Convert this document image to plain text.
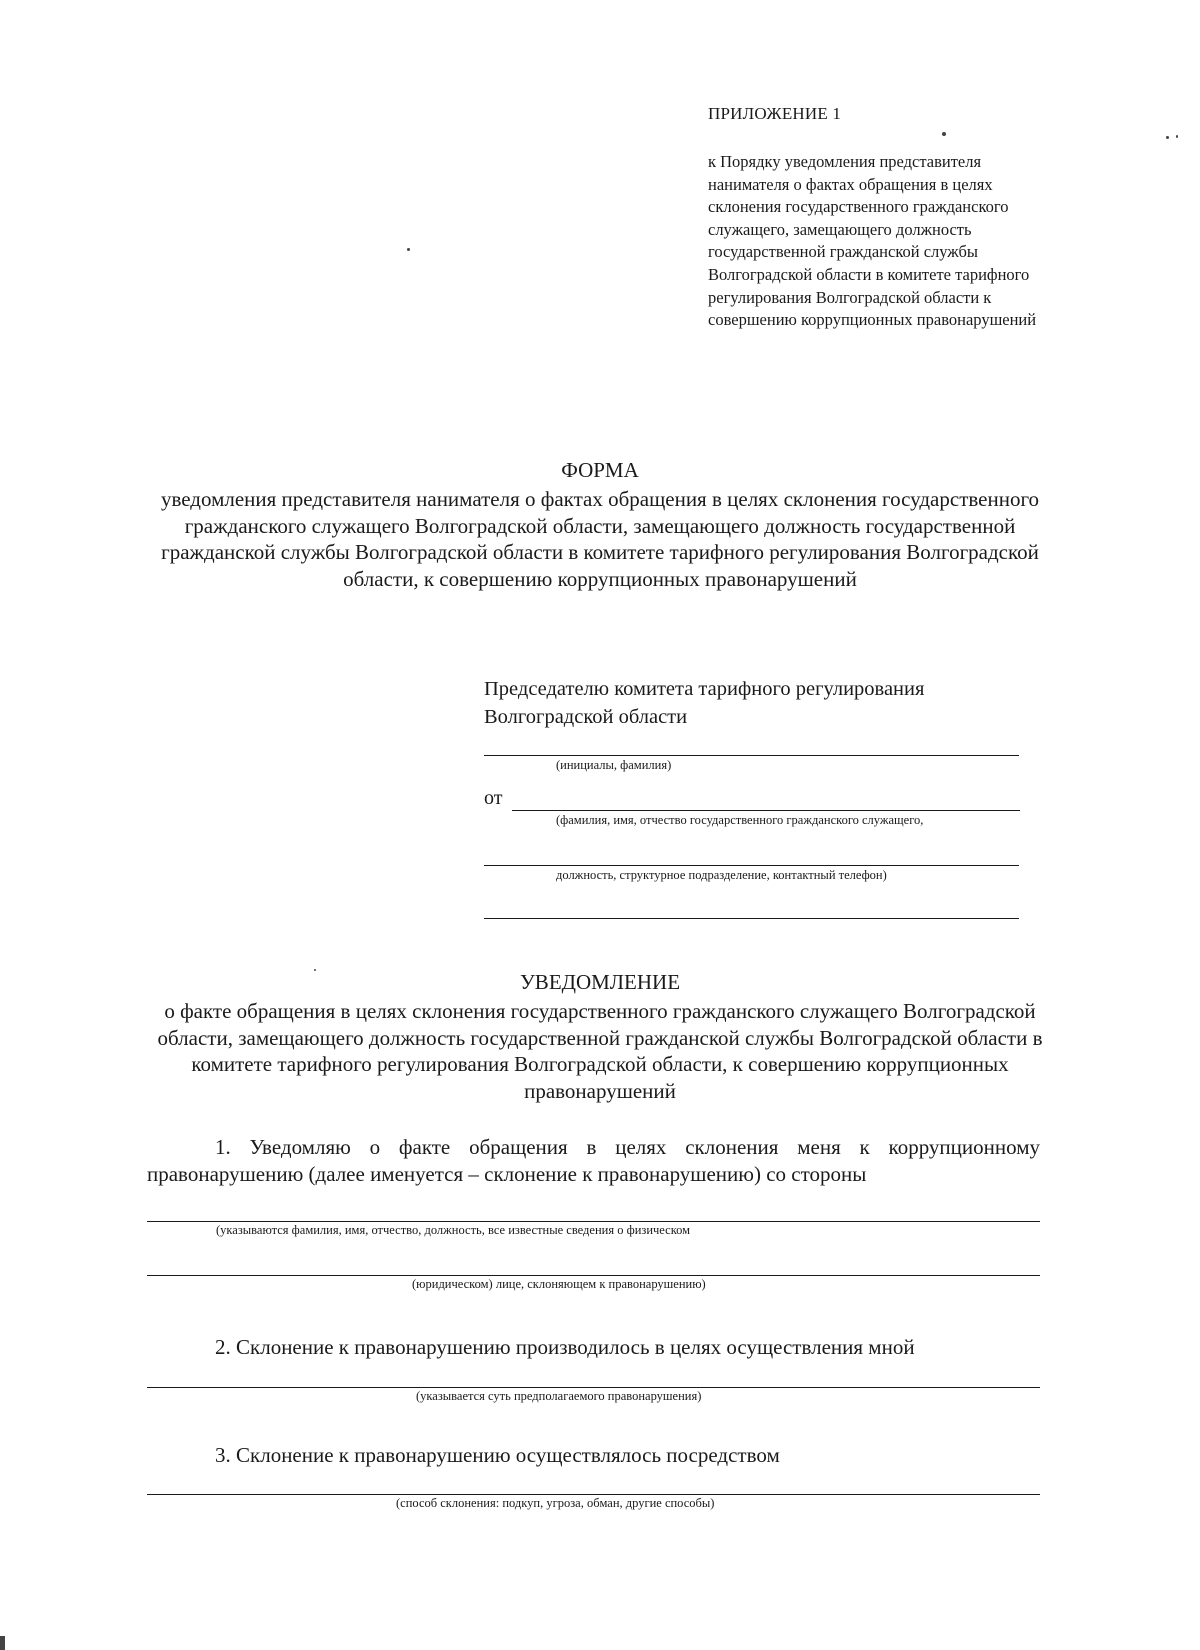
ПРИЛОЖЕНИЕ 1
к Порядку уведомления представителя нанимателя о фактах обращения в целях склонения государственного гражданского служащего, замещающего должность государственной гражданской службы Волгоградской области в комитете тарифного регулирования Волгоградской области к совершению коррупционных правонарушений
ФОРМА
уведомления представителя нанимателя о фактах обращения в целях склонения государственного гражданского служащего Волгоградской области, замещающего должность государственной гражданской службы Волгоградской области в комитете тарифного регулирования Волгоградской области, к совершению коррупционных правонарушений
Председателю комитета тарифного регулирования Волгоградской области
(инициалы, фамилия)
от
(фамилия, имя, отчество государственного гражданского служащего,
должность, структурное подразделение, контактный телефон)
УВЕДОМЛЕНИЕ
о факте обращения в целях склонения государственного гражданского служащего Волгоградской области, замещающего должность государственной гражданской службы Волгоградской области в комитете тарифного регулирования Волгоградской области, к совершению коррупционных правонарушений
1. Уведомляю о факте обращения в целях склонения меня к коррупционному правонарушению (далее именуется – склонение к правонарушению) со стороны
(указываются фамилия, имя, отчество, должность, все известные сведения о физическом
(юридическом) лице, склоняющем к правонарушению)
2. Склонение к правонарушению производилось в целях осуществления мной
(указывается суть предполагаемого правонарушения)
3. Склонение к правонарушению осуществлялось посредством
(способ склонения: подкуп, угроза, обман, другие способы)
